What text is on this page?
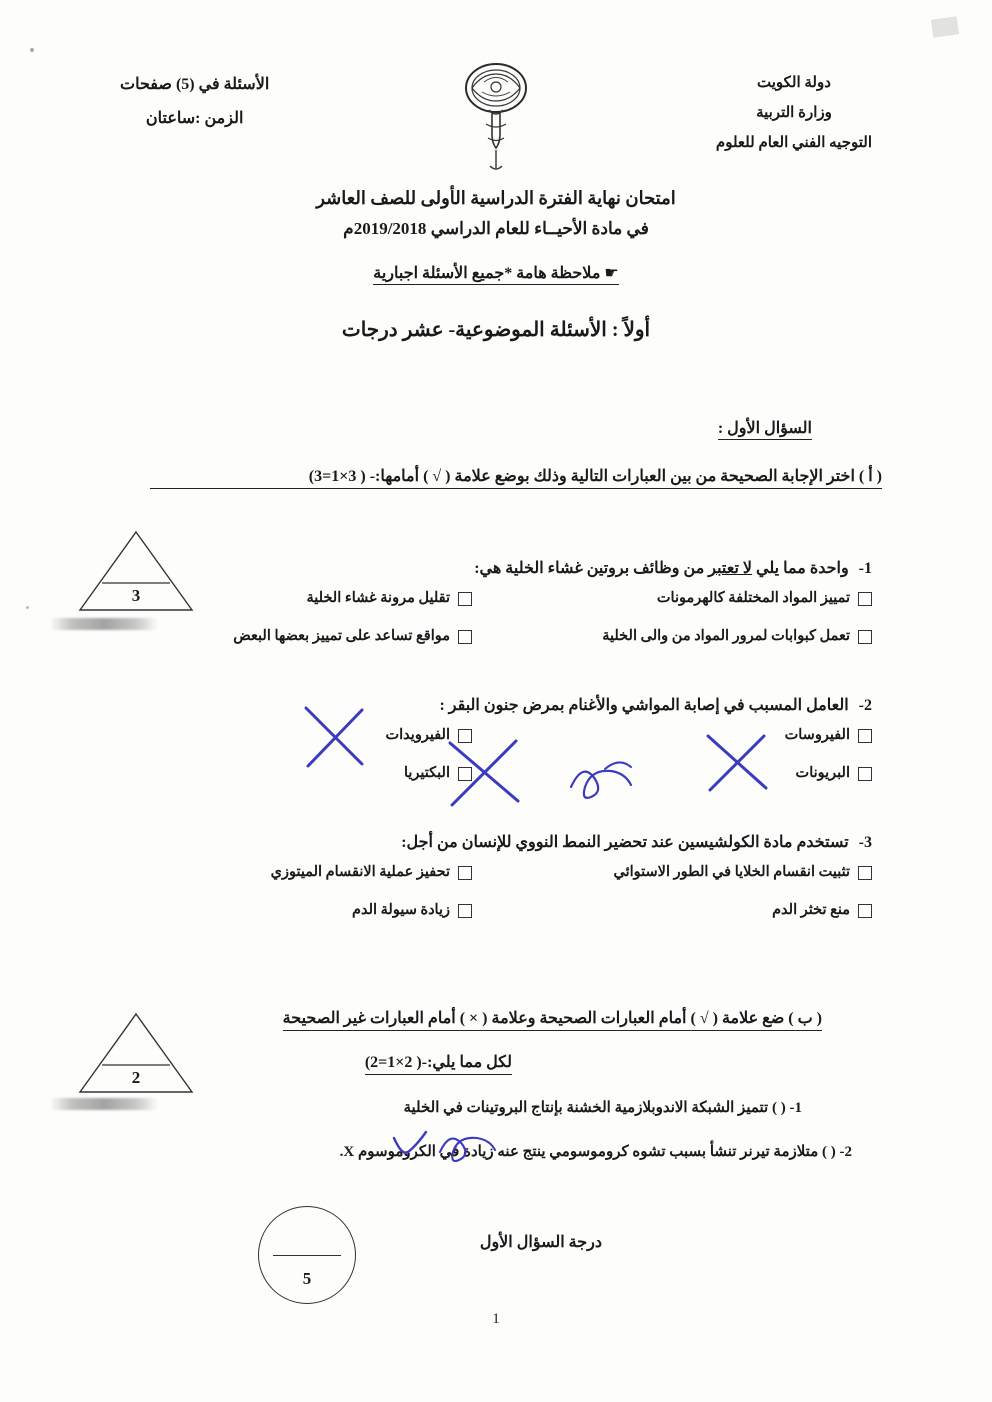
دولة الكويت
وزارة التربية
التوجيه الفني العام للعلوم
الأسئلة في (5) صفحات
الزمن :ساعتان
امتحان نهاية الفترة الدراسية الأولى للصف العاشر
في مادة الأحيــاء للعام الدراسي 2019/2018م
☛ ملاحظة هامة *جميع الأسئلة اجبارية
أولاً : الأسئلة الموضوعية- عشر درجات
السؤال الأول :
( أ ) اختر الإجابة الصحيحة من بين العبارات التالية وذلك بوضع علامة ( √ ) أمامها:- ( 3×1=3)
3
1- واحدة مما يلي لا تعتبر من وظائف بروتين غشاء الخلية هي:
تمييز المواد المختلفة كالهرمونات
تقليل مرونة غشاء الخلية
تعمل كبوابات لمرور المواد من والى الخلية
مواقع تساعد على تمييز بعضها البعض
2- العامل المسبب في إصابة المواشي والأغنام بمرض جنون البقر :
الفيروسات
الفيرويدات
البريونات
البكتيريا
3- تستخدم مادة الكولشيسين عند تحضير النمط النووي للإنسان من أجل:
تثبيت انقسام الخلايا في الطور الاستوائي
تحفيز عملية الانقسام الميتوزي
منع تخثر الدم
زيادة سيولة الدم
( ب ) ضع علامة ( √ ) أمام العبارات الصحيحة وعلامة ( × ) أمام العبارات غير الصحيحة
لكل مما يلي:-( 2×1=2)
2
1- ( ) تتميز الشبكة الاندوبلازمية الخشنة بإنتاج البروتينات في الخلية
2- ( ) متلازمة تيرنر تنشأ بسبب تشوه كروموسومي ينتج عنه زيادة في الكروموسوم X.
درجة السؤال الأول
5
1
